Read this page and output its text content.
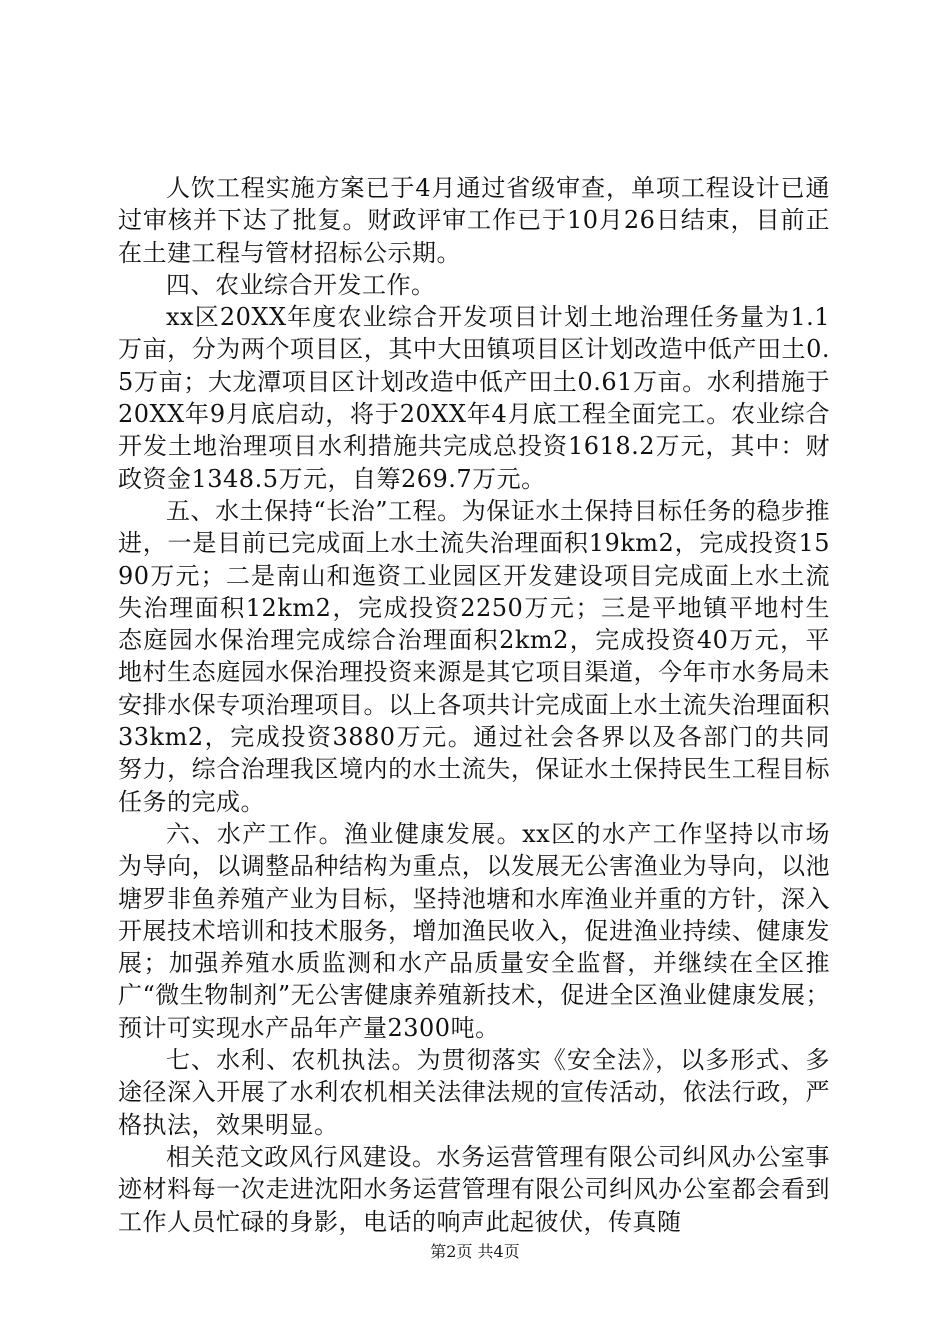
人饮工程实施方案已于4月通过省级审查，单项工程设计已通过审核并下达了批复。财政评审工作已于10月26日结束，目前正在土建工程与管材招标公示期。

四、农业综合开发工作。

xx区20XX年度农业综合开发项目计划土地治理任务量为1.1万亩，分为两个项目区，其中大田镇项目区计划改造中低产田土0.5万亩；大龙潭项目区计划改造中低产田土0.61万亩。水利措施于20XX年9月底启动，将于20XX年4月底工程全面完工。农业综合开发土地治理项目水利措施共完成总投资1618.2万元，其中：财政资金1348.5万元，自筹269.7万元。

五、水土保持“长治”工程。为保证水土保持目标任务的稳步推进，一是目前已完成面上水土流失治理面积19km2，完成投资1590万元；二是南山和迤资工业园区开发建设项目完成面上水土流失治理面积12km2，完成投资2250万元；三是平地镇平地村生态庭园水保治理完成综合治理面积2km2，完成投资40万元，平地村生态庭园水保治理投资来源是其它项目渠道，今年市水务局未安排水保专项治理项目。以上各项共计完成面上水土流失治理面积33km2，完成投资3880万元。通过社会各界以及各部门的共同努力，综合治理我区境内的水土流失，保证水土保持民生工程目标任务的完成。

六、水产工作。渔业健康发展。xx区的水产工作坚持以市场为导向，以调整品种结构为重点，以发展无公害渔业为导向，以池塘罗非鱼养殖产业为目标，坚持池塘和水库渔业并重的方针，深入开展技术培训和技术服务，增加渔民收入，促进渔业持续、健康发展；加强养殖水质监测和水产品质量安全监督，并继续在全区推广“微生物制剂”无公害健康养殖新技术，促进全区渔业健康发展；预计可实现水产品年产量2300吨。

七、水利、农机执法。为贯彻落实《安全法》，以多形式、多途径深入开展了水利农机相关法律法规的宣传活动，依法行政，严格执法，效果明显。

相关范文政风行风建设。水务运营管理有限公司纠风办公室事迹材料每一次走进沈阳水务运营管理有限公司纠风办公室都会看到工作人员忙碌的身影，电话的响声此起彼伏，传真随

第2页 共4页
